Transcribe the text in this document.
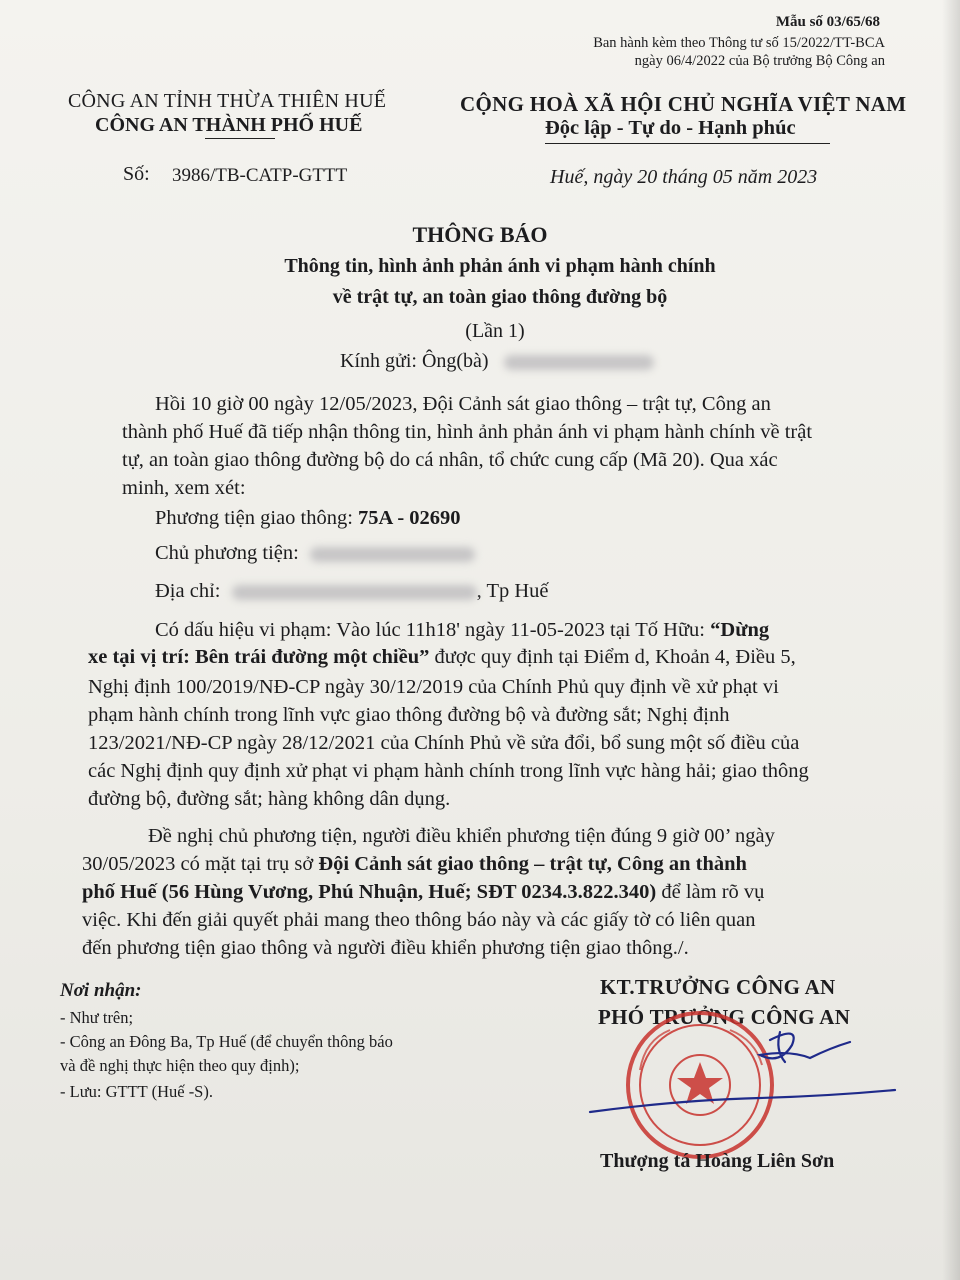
Mẫu số 03/65/68
Ban hành kèm theo Thông tư số 15/2022/TT-BCA
ngày 06/4/2022 của Bộ trưởng Bộ Công an
CÔNG AN TỈNH THỪA THIÊN HUẾ
CÔNG AN THÀNH PHỐ HUẾ
CỘNG HOÀ XÃ HỘI CHỦ NGHĨA VIỆT NAM
Độc lập - Tự do - Hạnh phúc
Số: 3986/TB-CATP-GTTT	Huế, ngày 20 tháng 05 năm 2023
THÔNG BÁO
Thông tin, hình ảnh phản ánh vi phạm hành chính
về trật tự, an toàn giao thông đường bộ
(Lần 1)
Kính gửi: Ông(bà)
Hồi 10 giờ 00 ngày 12/05/2023, Đội Cảnh sát giao thông – trật tự, Công an
thành phố Huế đã tiếp nhận thông tin, hình ảnh phản ánh vi phạm hành chính về trật
tự, an toàn giao thông đường bộ do cá nhân, tổ chức cung cấp (Mã 20). Qua xác
minh, xem xét:
Phương tiện giao thông: 75A - 02690
Chủ phương tiện:
Địa chỉ:	, Tp Huế
Có dấu hiệu vi phạm: Vào lúc 11h18' ngày 11-05-2023 tại Tố Hữu: “Dừng
xe tại vị trí: Bên trái đường một chiều” được quy định tại Điểm d, Khoản 4, Điều 5,
Nghị định 100/2019/NĐ-CP ngày 30/12/2019 của Chính Phủ quy định về xử phạt vi
phạm hành chính trong lĩnh vực giao thông đường bộ và đường sắt; Nghị định
123/2021/NĐ-CP ngày 28/12/2021 của Chính Phủ về sửa đổi, bổ sung một số điều của
các Nghị định quy định xử phạt vi phạm hành chính trong lĩnh vực hàng hải; giao thông
đường bộ, đường sắt; hàng không dân dụng.
Đề nghị chủ phương tiện, người điều khiển phương tiện đúng 9 giờ 00’ ngày
30/05/2023 có mặt tại trụ sở Đội Cảnh sát giao thông – trật tự, Công an thành
phố Huế (56 Hùng Vương, Phú Nhuận, Huế; SĐT 0234.3.822.340) để làm rõ vụ
việc. Khi đến giải quyết phải mang theo thông báo này và các giấy tờ có liên quan
đến phương tiện giao thông và người điều khiển phương tiện giao thông./.
Nơi nhận:
- Như trên;
- Công an Đông Ba, Tp Huế (để chuyển thông báo
và đề nghị thực hiện theo quy định);
- Lưu: GTTT (Huế -S).
KT.TRƯỞNG CÔNG AN
PHÓ TRƯỞNG CÔNG AN
Thượng tá Hoàng Liên Sơn
